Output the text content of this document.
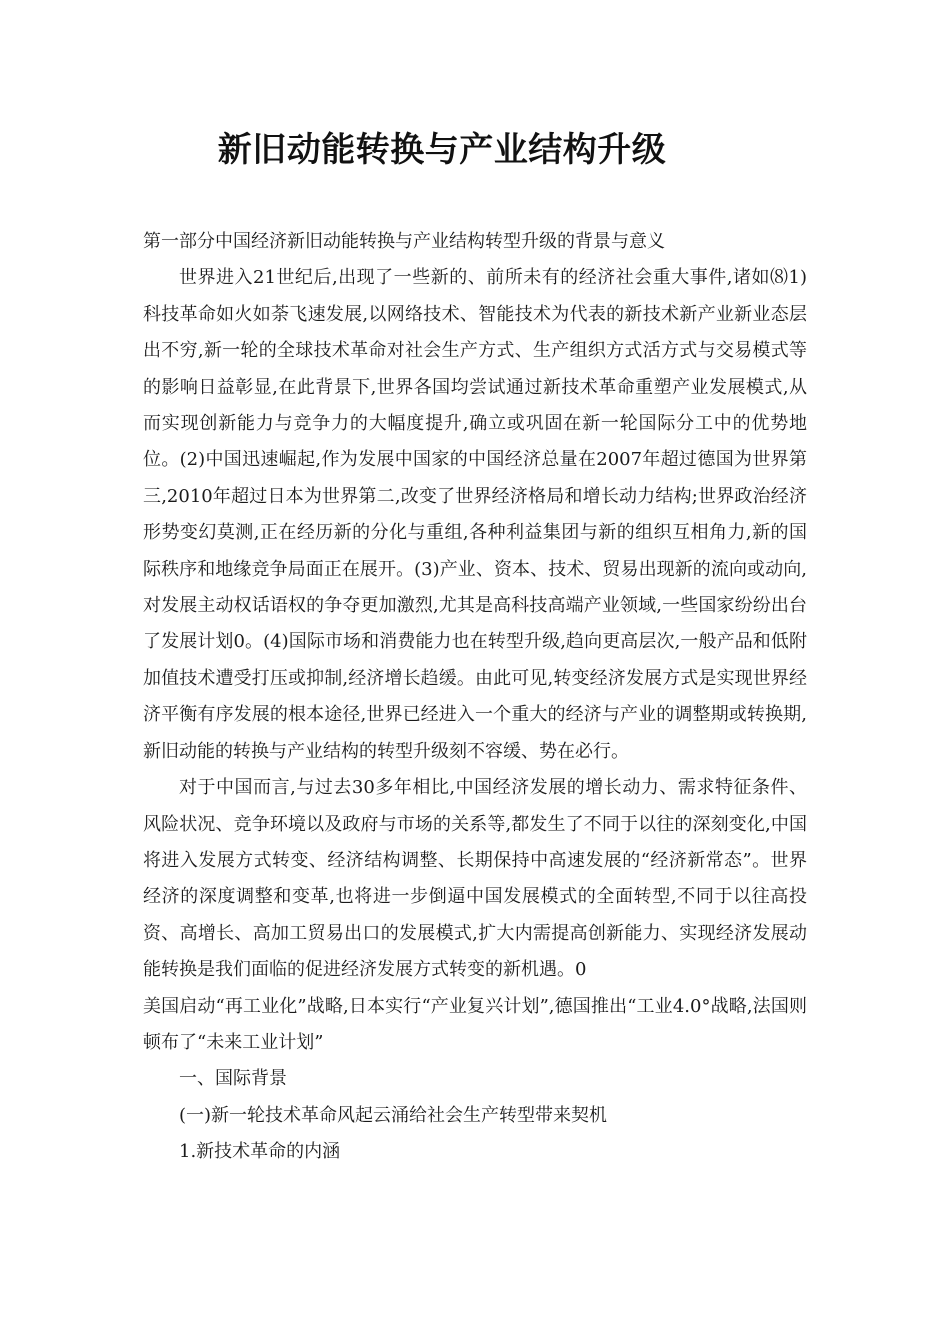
新旧动能转换与产业结构升级

第一部分中国经济新旧动能转换与产业结构转型升级的背景与意义

世界进入21世纪后,出现了一些新的、前所未有的经济社会重大事件,诸如⑻1)科技革命如火如荼飞速发展,以网络技术、智能技术为代表的新技术新产业新业态层出不穷,新一轮的全球技术革命对社会生产方式、生产组织方式活方式与交易模式等的影响日益彰显,在此背景下,世界各国均尝试通过新技术革命重塑产业发展模式,从而实现创新能力与竞争力的大幅度提升,确立或巩固在新一轮国际分工中的优势地位。(2)中国迅速崛起,作为发展中国家的中国经济总量在2007年超过德国为世界第三,2010年超过日本为世界第二,改变了世界经济格局和增长动力结构;世界政治经济形势变幻莫测,正在经历新的分化与重组,各种利益集团与新的组织互相角力,新的国际秩序和地缘竞争局面正在展开。(3)产业、资本、技术、贸易出现新的流向或动向,对发展主动权话语权的争夺更加激烈,尤其是高科技高端产业领域,一些国家纷纷出台了发展计划0。(4)国际市场和消费能力也在转型升级,趋向更高层次,一般产品和低附加值技术遭受打压或抑制,经济增长趋缓。由此可见,转变经济发展方式是实现世界经济平衡有序发展的根本途径,世界已经进入一个重大的经济与产业的调整期或转换期,新旧动能的转换与产业结构的转型升级刻不容缓、势在必行。

对于中国而言,与过去30多年相比,中国经济发展的增长动力、需求特征条件、风险状况、竞争环境以及政府与市场的关系等,都发生了不同于以往的深刻变化,中国将进入发展方式转变、经济结构调整、长期保持中高速发展的“经济新常态”。世界经济的深度调整和变革,也将进一步倒逼中国发展模式的全面转型,不同于以往高投资、高增长、高加工贸易出口的发展模式,扩大内需提高创新能力、实现经济发展动能转换是我们面临的促进经济发展方式转变的新机遇。0

美国启动“再工业化”战略,日本实行“产业复兴计划”,德国推出“工业4.0°战略,法国则顿布了“未来工业计划”

一、国际背景

(一)新一轮技术革命风起云涌给社会生产转型带来契机

1.新技术革命的内涵
